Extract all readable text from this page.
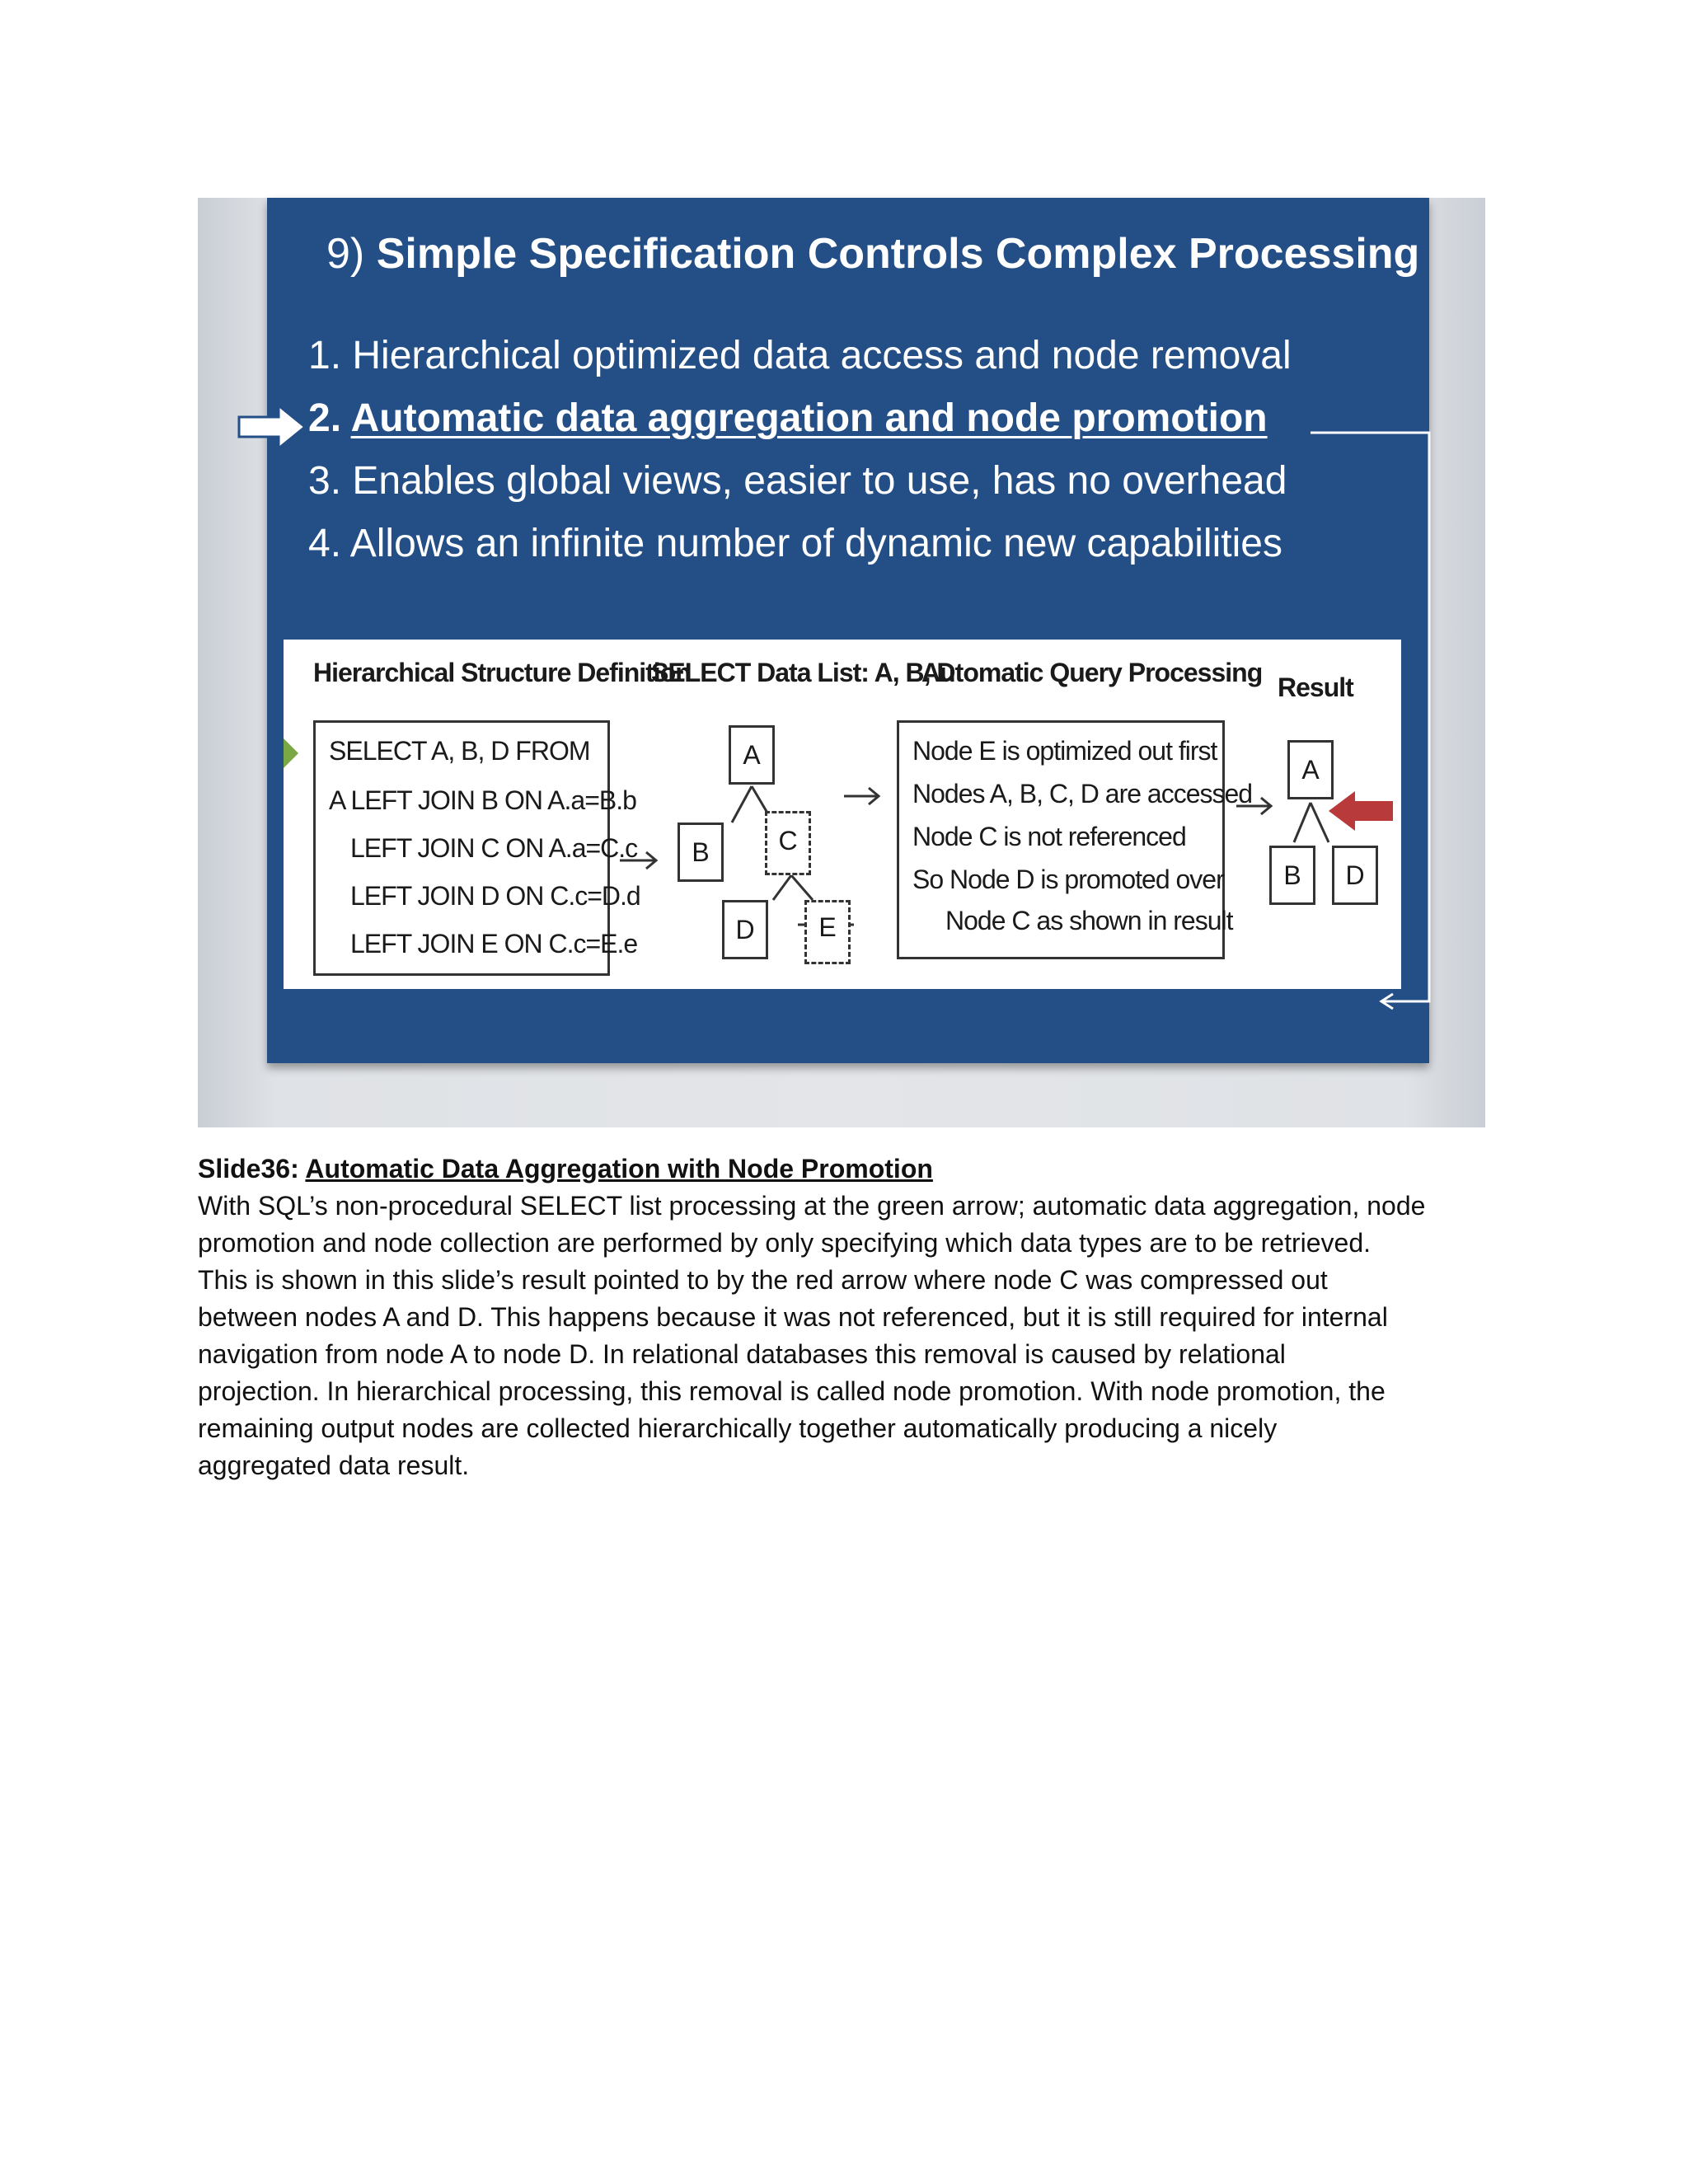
9) Simple Specification Controls Complex Processing
1. Hierarchical optimized data access and node removal
2. Automatic data aggregation and node promotion
3. Enables global views, easier to use, has no overhead
4. Allows an infinite number of dynamic new capabilities
Hierarchical Structure Definition
SELECT Data List: A, B, D
Automatic Query Processing Result
SELECT A, B, D FROM
A LEFT JOIN B ON A.a=B.b
LEFT JOIN C ON A.a=C.c
LEFT JOIN D ON C.c=D.d
LEFT JOIN E ON C.c=E.e
A
B	C
D	E
Node E is optimized out first
Nodes A, B, C, D are accessed
Node C is not referenced
So Node D is promoted over
Node C as shown in result
A
B	D
Slide36: Automatic Data Aggregation with Node Promotion

With SQL’s non-procedural SELECT list processing at the green arrow; automatic data aggregation, node

promotion and node collection are performed by only specifying which data types are to be retrieved.

This is shown in this slide’s result pointed to by the red arrow where node C was compressed out

between nodes A and D. This happens because it was not referenced, but it is still required for internal

navigation from node A to node D. In relational databases this removal is caused by relational

projection. In hierarchical processing, this removal is called node promotion. With node promotion, the

remaining output nodes are collected hierarchically together automatically producing a nicely

aggregated data result.
